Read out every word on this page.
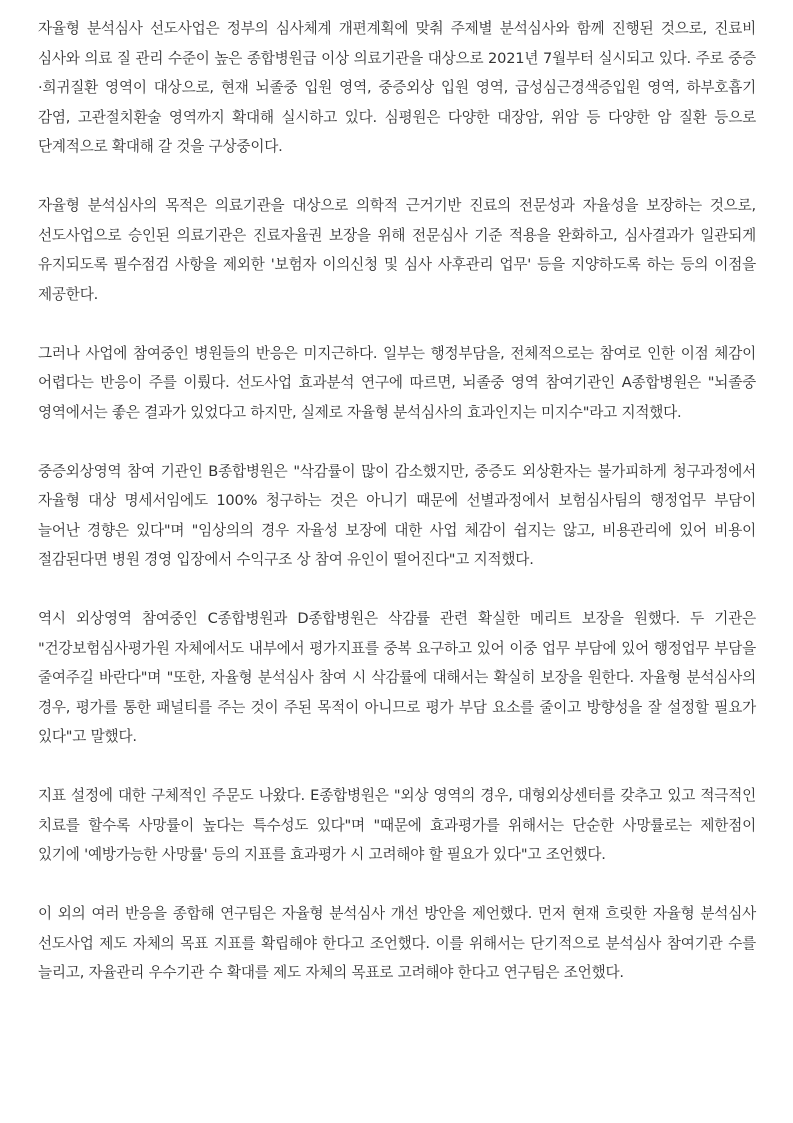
자율형 분석심사 선도사업은 정부의 심사체계 개편계획에 맞춰 주제별 분석심사와 함께 진행된 것으로, 진료비 심사와 의료 질 관리 수준이 높은 종합병원급 이상 의료기관을 대상으로 2021년 7월부터 실시되고 있다. 주로 중증·희귀질환 영역이 대상으로, 현재 뇌졸중 입원 영역, 중증외상 입원 영역, 급성심근경색증입원 영역, 하부호흡기 감염, 고관절치환술 영역까지 확대해 실시하고 있다. 심평원은 다양한 대장암, 위암 등 다양한 암 질환 등으로 단계적으로 확대해 갈 것을 구상중이다.

자율형 분석심사의 목적은 의료기관을 대상으로 의학적 근거기반 진료의 전문성과 자율성을 보장하는 것으로, 선도사업으로 승인된 의료기관은 진료자율권 보장을 위해 전문심사 기준 적용을 완화하고, 심사결과가 일관되게 유지되도록 필수점검 사항을 제외한 '보험자 이의신청 및 심사 사후관리 업무' 등을 지양하도록 하는 등의 이점을 제공한다.

그러나 사업에 참여중인 병원들의 반응은 미지근하다. 일부는 행정부담을, 전체적으로는 참여로 인한 이점 체감이 어렵다는 반응이 주를 이뤘다. 선도사업 효과분석 연구에 따르면, 뇌졸중 영역 참여기관인 A종합병원은 "뇌졸중 영역에서는 좋은 결과가 있었다고 하지만, 실제로 자율형 분석심사의 효과인지는 미지수"라고 지적했다.

중증외상영역 참여 기관인 B종합병원은 "삭감률이 많이 감소했지만, 중증도 외상환자는 불가피하게 청구과정에서 자율형 대상 명세서임에도 100% 청구하는 것은 아니기 때문에 선별과정에서 보험심사팀의 행정업무 부담이 늘어난 경향은 있다"며 "임상의의 경우 자율성 보장에 대한 사업 체감이 쉽지는 않고, 비용관리에 있어 비용이 절감된다면 병원 경영 입장에서 수익구조 상 참여 유인이 떨어진다"고 지적했다.

역시 외상영역 참여중인 C종합병원과 D종합병원은 삭감률 관련 확실한 메리트 보장을 원했다. 두 기관은 "건강보험심사평가원 자체에서도 내부에서 평가지표를 중복 요구하고 있어 이중 업무 부담에 있어 행정업무 부담을 줄여주길 바란다"며 "또한, 자율형 분석심사 참여 시 삭감률에 대해서는 확실히 보장을 원한다. 자율형 분석심사의 경우, 평가를 통한 패널티를 주는 것이 주된 목적이 아니므로 평가 부담 요소를 줄이고 방향성을 잘 설정할 필요가 있다"고 말했다.

지표 설정에 대한 구체적인 주문도 나왔다. E종합병원은 "외상 영역의 경우, 대형외상센터를 갖추고 있고 적극적인 치료를 할수록 사망률이 높다는 특수성도 있다"며 "때문에 효과평가를 위해서는 단순한 사망률로는 제한점이 있기에 '예방가능한 사망률' 등의 지표를 효과평가 시 고려해야 할 필요가 있다"고 조언했다.

이 외의 여러 반응을 종합해 연구팀은 자율형 분석심사 개선 방안을 제언했다. 먼저 현재 흐릿한 자율형 분석심사 선도사업 제도 자체의 목표 지표를 확립해야 한다고 조언했다. 이를 위해서는 단기적으로 분석심사 참여기관 수를 늘리고, 자율관리 우수기관 수 확대를 제도 자체의 목표로 고려해야 한다고 연구팀은 조언했다.
